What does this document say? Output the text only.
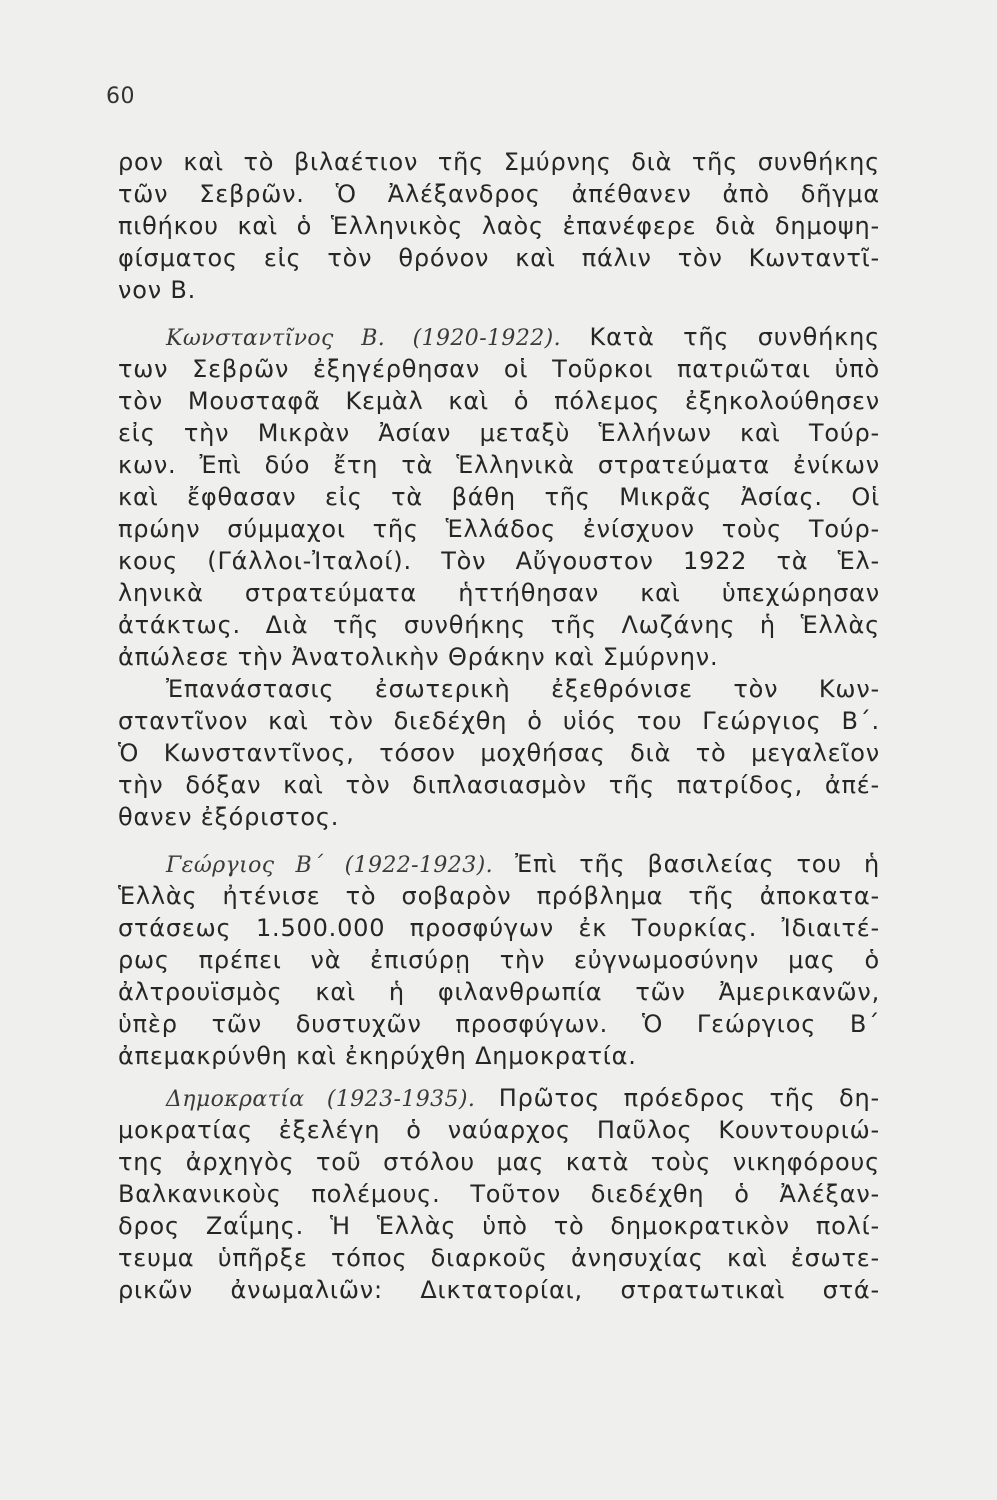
60
ρον καὶ τὸ βιλαέτιον τῆς Σμύρνης διὰ τῆς συνθήκης
τῶν Σεβρῶν. Ὁ Ἀλέξανδρος ἀπέθανεν ἀπὸ δῆγμα
πιθήκου καὶ ὁ Ἑλληνικὸς λαὸς ἐπανέφερε διὰ δημοψη-
φίσματος εἰς τὸν θρόνον καὶ πάλιν τὸν Κωνταντῖ-
νον Β.
Κωνσταντῖνος Β. (1920-1922). Κατὰ τῆς συνθήκης
των Σεβρῶν ἐξηγέρθησαν οἱ Τοῦρκοι πατριῶται ὑπὸ
τὸν Μουσταφᾶ Κεμὰλ καὶ ὁ πόλεμος ἐξηκολούθησεν
εἰς τὴν Μικρὰν Ἀσίαν μεταξὺ Ἑλλήνων καὶ Τούρ-
κων. Ἐπὶ δύο ἔτη τὰ Ἑλληνικὰ στρατεύματα ἐνίκων
καὶ ἔφθασαν εἰς τὰ βάθη τῆς Μικρᾶς Ἀσίας. Οἱ
πρώην σύμμαχοι τῆς Ἑλλάδος ἐνίσχυον τοὺς Τούρ-
κους (Γάλλοι-Ἰταλοί). Τὸν Αὔγουστον 1922 τὰ Ἑλ-
ληνικὰ στρατεύματα ἡττήθησαν καὶ ὑπεχώρησαν
ἀτάκτως. Διὰ τῆς συνθήκης τῆς Λωζάνης ἡ Ἑλλὰς
ἀπώλεσε τὴν Ἀνατολικὴν Θράκην καὶ Σμύρνην.
Ἐπανάστασις ἐσωτερικὴ ἐξεθρόνισε τὸν Κων-
σταντῖνον καὶ τὸν διεδέχθη ὁ υἱός του Γεώργιος Β΄.
Ὁ Κωνσταντῖνος, τόσον μοχθήσας διὰ τὸ μεγαλεῖον
τὴν δόξαν καὶ τὸν διπλασιασμὸν τῆς πατρίδος, ἀπέ-
θανεν ἐξόριστος.
Γεώργιος Β΄ (1922-1923). Ἐπὶ τῆς βασιλείας του ἡ
Ἑλλὰς ἠτένισε τὸ σοβαρὸν πρόβλημα τῆς ἀποκατα-
στάσεως 1.500.000 προσφύγων ἐκ Τουρκίας. Ἰδιαιτέ-
ρως πρέπει νὰ ἐπισύρῃ τὴν εὐγνωμοσύνην μας ὁ
ἀλτρουϊσμὸς καὶ ἡ φιλανθρωπία τῶν Ἀμερικανῶν,
ὑπὲρ τῶν δυστυχῶν προσφύγων. Ὁ Γεώργιος Β΄
ἀπεμακρύνθη καὶ ἐκηρύχθη Δημοκρατία.
Δημοκρατία (1923-1935). Πρῶτος πρόεδρος τῆς δη-
μοκρατίας ἐξελέγη ὁ ναύαρχος Παῦλος Κουντουριώ-
της ἀρχηγὸς τοῦ στόλου μας κατὰ τοὺς νικηφόρους
Βαλκανικοὺς πολέμους. Τοῦτον διεδέχθη ὁ Ἀλέξαν-
δρος Ζαΐμης. Ἡ Ἑλλὰς ὑπὸ τὸ δημοκρατικὸν πολί-
τευμα ὑπῆρξε τόπος διαρκοῦς ἀνησυχίας καὶ ἐσωτε-
ρικῶν ἀνωμαλιῶν: Δικτατορίαι, στρατωτικαὶ στά-
